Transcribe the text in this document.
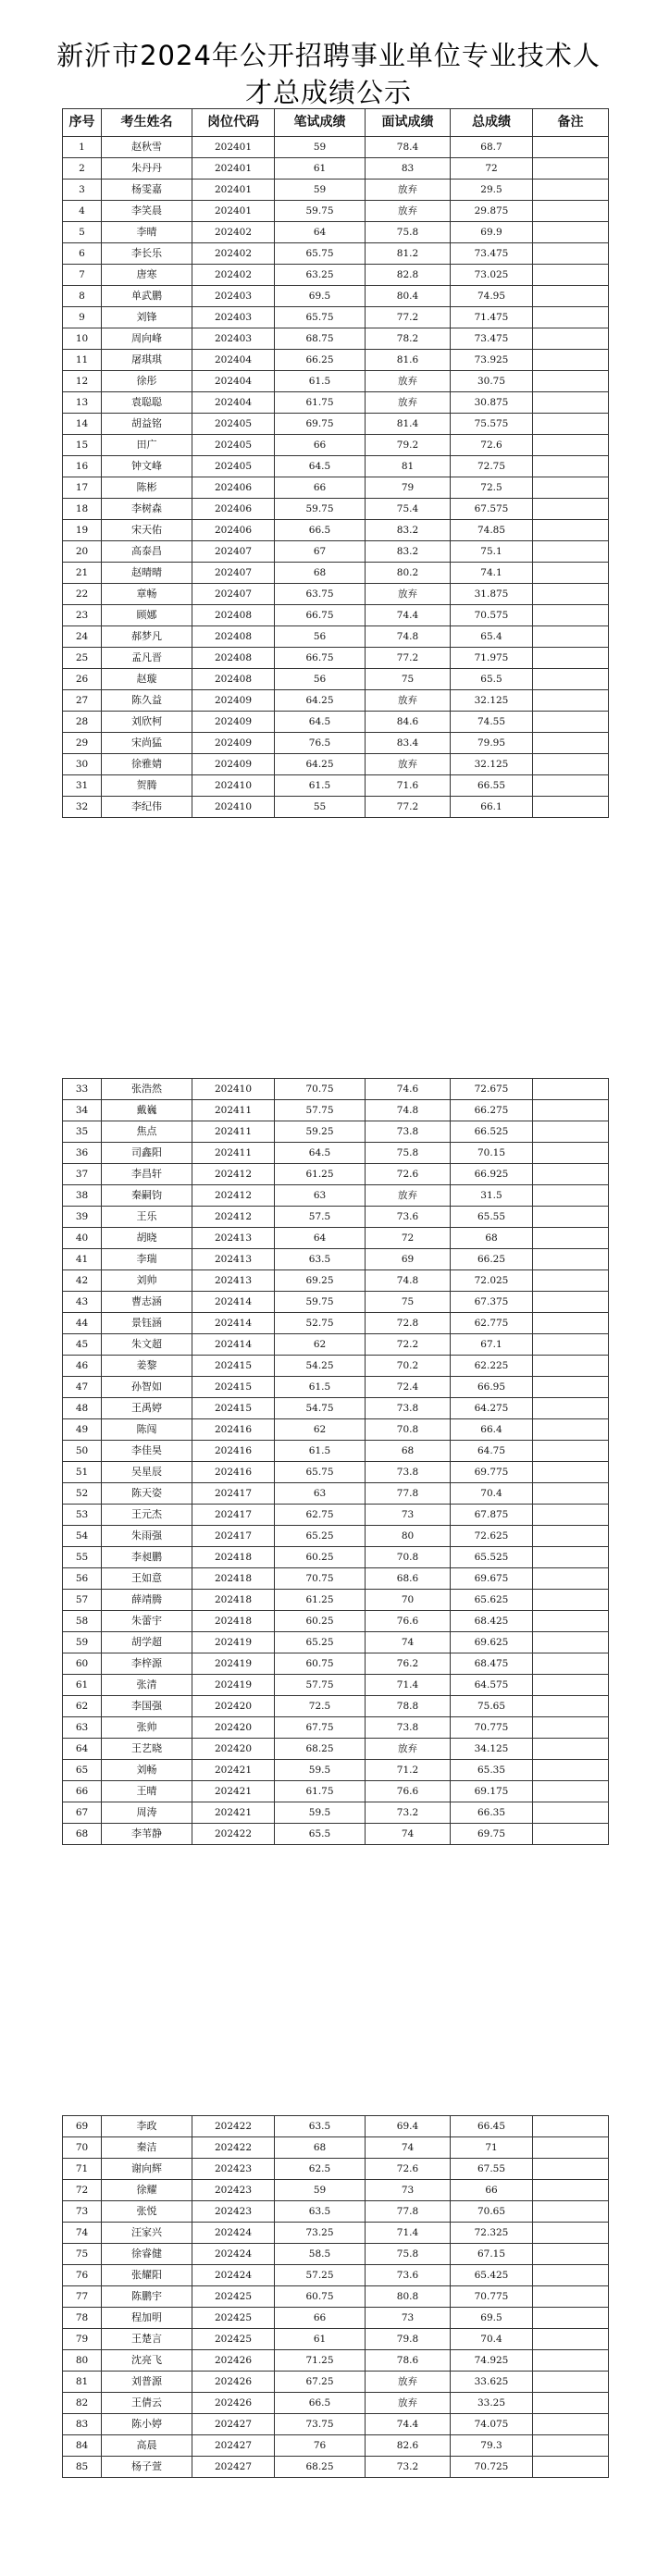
新沂市2024年公开招聘事业单位专业技术人
才总成绩公示
序号	考生姓名	岗位代码	笔试成绩	面试成绩	总成绩	备注
1	赵秋雪	202401	59	78.4	68.7	
2	朱丹丹	202401	61	83	72	
3	杨雯嘉	202401	59	放弃	29.5	
4	李笑晨	202401	59.75	放弃	29.875	
5	李晴	202402	64	75.8	69.9	
6	李长乐	202402	65.75	81.2	73.475	
7	唐寒	202402	63.25	82.8	73.025	
8	单武鹏	202403	69.5	80.4	74.95	
9	刘锋	202403	65.75	77.2	71.475	
10	周向峰	202403	68.75	78.2	73.475	
11	屠琪琪	202404	66.25	81.6	73.925	
12	徐彤	202404	61.5	放弃	30.75	
13	袁聪聪	202404	61.75	放弃	30.875	
14	胡益铭	202405	69.75	81.4	75.575	
15	田广	202405	66	79.2	72.6	
16	钟文峰	202405	64.5	81	72.75	
17	陈彬	202406	66	79	72.5	
18	李树森	202406	59.75	75.4	67.575	
19	宋天佑	202406	66.5	83.2	74.85	
20	高泰昌	202407	67	83.2	75.1	
21	赵晴晴	202407	68	80.2	74.1	
22	章畅	202407	63.75	放弃	31.875	
23	顾娜	202408	66.75	74.4	70.575	
24	郝梦凡	202408	56	74.8	65.4	
25	孟凡晋	202408	66.75	77.2	71.975	
26	赵璇	202408	56	75	65.5	
27	陈久益	202409	64.25	放弃	32.125	
28	刘欣柯	202409	64.5	84.6	74.55	
29	宋尚猛	202409	76.5	83.4	79.95	
30	徐雅婧	202409	64.25	放弃	32.125	
31	贺腾	202410	61.5	71.6	66.55	
32	李纪伟	202410	55	77.2	66.1	
33	张浩然	202410	70.75	74.6	72.675	
34	戴巍	202411	57.75	74.8	66.275	
35	焦点	202411	59.25	73.8	66.525	
36	司鑫阳	202411	64.5	75.8	70.15	
37	李昌轩	202412	61.25	72.6	66.925	
38	秦嗣钧	202412	63	放弃	31.5	
39	王乐	202412	57.5	73.6	65.55	
40	胡晓	202413	64	72	68	
41	李瑞	202413	63.5	69	66.25	
42	刘帅	202413	69.25	74.8	72.025	
43	曹志涵	202414	59.75	75	67.375	
44	景钰涵	202414	52.75	72.8	62.775	
45	朱文超	202414	62	72.2	67.1	
46	姜黎	202415	54.25	70.2	62.225	
47	孙智如	202415	61.5	72.4	66.95	
48	王禹婷	202415	54.75	73.8	64.275	
49	陈闯	202416	62	70.8	66.4	
50	李佳昊	202416	61.5	68	64.75	
51	吴星辰	202416	65.75	73.8	69.775	
52	陈天姿	202417	63	77.8	70.4	
53	王元杰	202417	62.75	73	67.875	
54	朱雨强	202417	65.25	80	72.625	
55	李昶鹏	202418	60.25	70.8	65.525	
56	王如意	202418	70.75	68.6	69.675	
57	薛靖腾	202418	61.25	70	65.625	
58	朱蕾宇	202418	60.25	76.6	68.425	
59	胡学超	202419	65.25	74	69.625	
60	李梓源	202419	60.75	76.2	68.475	
61	张清	202419	57.75	71.4	64.575	
62	李国强	202420	72.5	78.8	75.65	
63	张帅	202420	67.75	73.8	70.775	
64	王艺晓	202420	68.25	放弃	34.125	
65	刘畅	202421	59.5	71.2	65.35	
66	王晴	202421	61.75	76.6	69.175	
67	周涛	202421	59.5	73.2	66.35	
68	李苇静	202422	65.5	74	69.75	
69	李政	202422	63.5	69.4	66.45	
70	秦洁	202422	68	74	71	
71	谢向辉	202423	62.5	72.6	67.55	
72	徐耀	202423	59	73	66	
73	张悦	202423	63.5	77.8	70.65	
74	汪家兴	202424	73.25	71.4	72.325	
75	徐睿健	202424	58.5	75.8	67.15	
76	张耀阳	202424	57.25	73.6	65.425	
77	陈鹏宇	202425	60.75	80.8	70.775	
78	程加明	202425	66	73	69.5	
79	王楚言	202425	61	79.8	70.4	
80	沈亮飞	202426	71.25	78.6	74.925	
81	刘普源	202426	67.25	放弃	33.625	
82	王倩云	202426	66.5	放弃	33.25	
83	陈小婷	202427	73.75	74.4	74.075	
84	高晨	202427	76	82.6	79.3	
85	杨子萱	202427	68.25	73.2	70.725	
